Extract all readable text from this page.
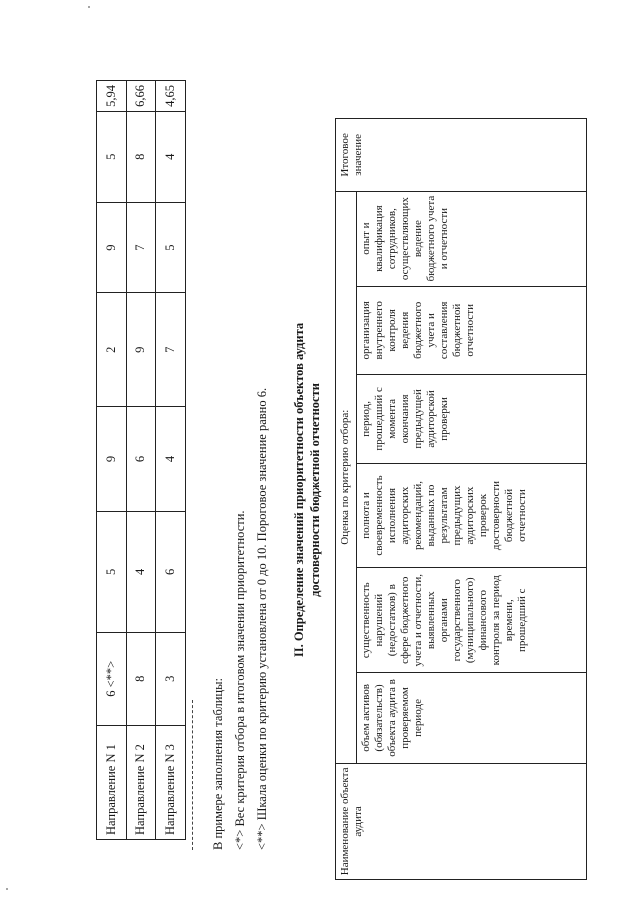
Направление N 1	6 <**>	5	9	2	9	5	5,94
Направление N 2	8	4	6	9	7	8	6,66
Направление N 3	3	6	4	7	5	4	4,65

В примере заполнения таблицы: <*> Вес критерия отбора в итоговом значении приоритетности. <**> Шкала оценки по критерию установлена от 0 до 10. Пороговое значение равно 6.	II. Определение значений приоритетности объектов аудита достоверности бюджетной отчетности
Наименование объекта аудита	Оценка по критерию отбора:						Итоговое значение
	объем активов (обязательств) объекта аудита в проверяемом периоде	существенность нарушений (недостатков) в сфере бюджетного учета и отчетности, выявленных органами государственного (муниципального) финансового контроля за период времени, прошедший с	полнота и своевременность исполнения аудиторских рекомендаций, выданных по результатам предыдущих аудиторских проверок достоверности бюджетной отчетности	период, прошедший с момента окончания предыдущей аудиторской проверки	организация внутреннего контроля ведения бюджетного учета и составления бюджетной отчетности	опыт и квалификация сотрудников, осуществляющих ведение бюджетного учета и отчетности	
